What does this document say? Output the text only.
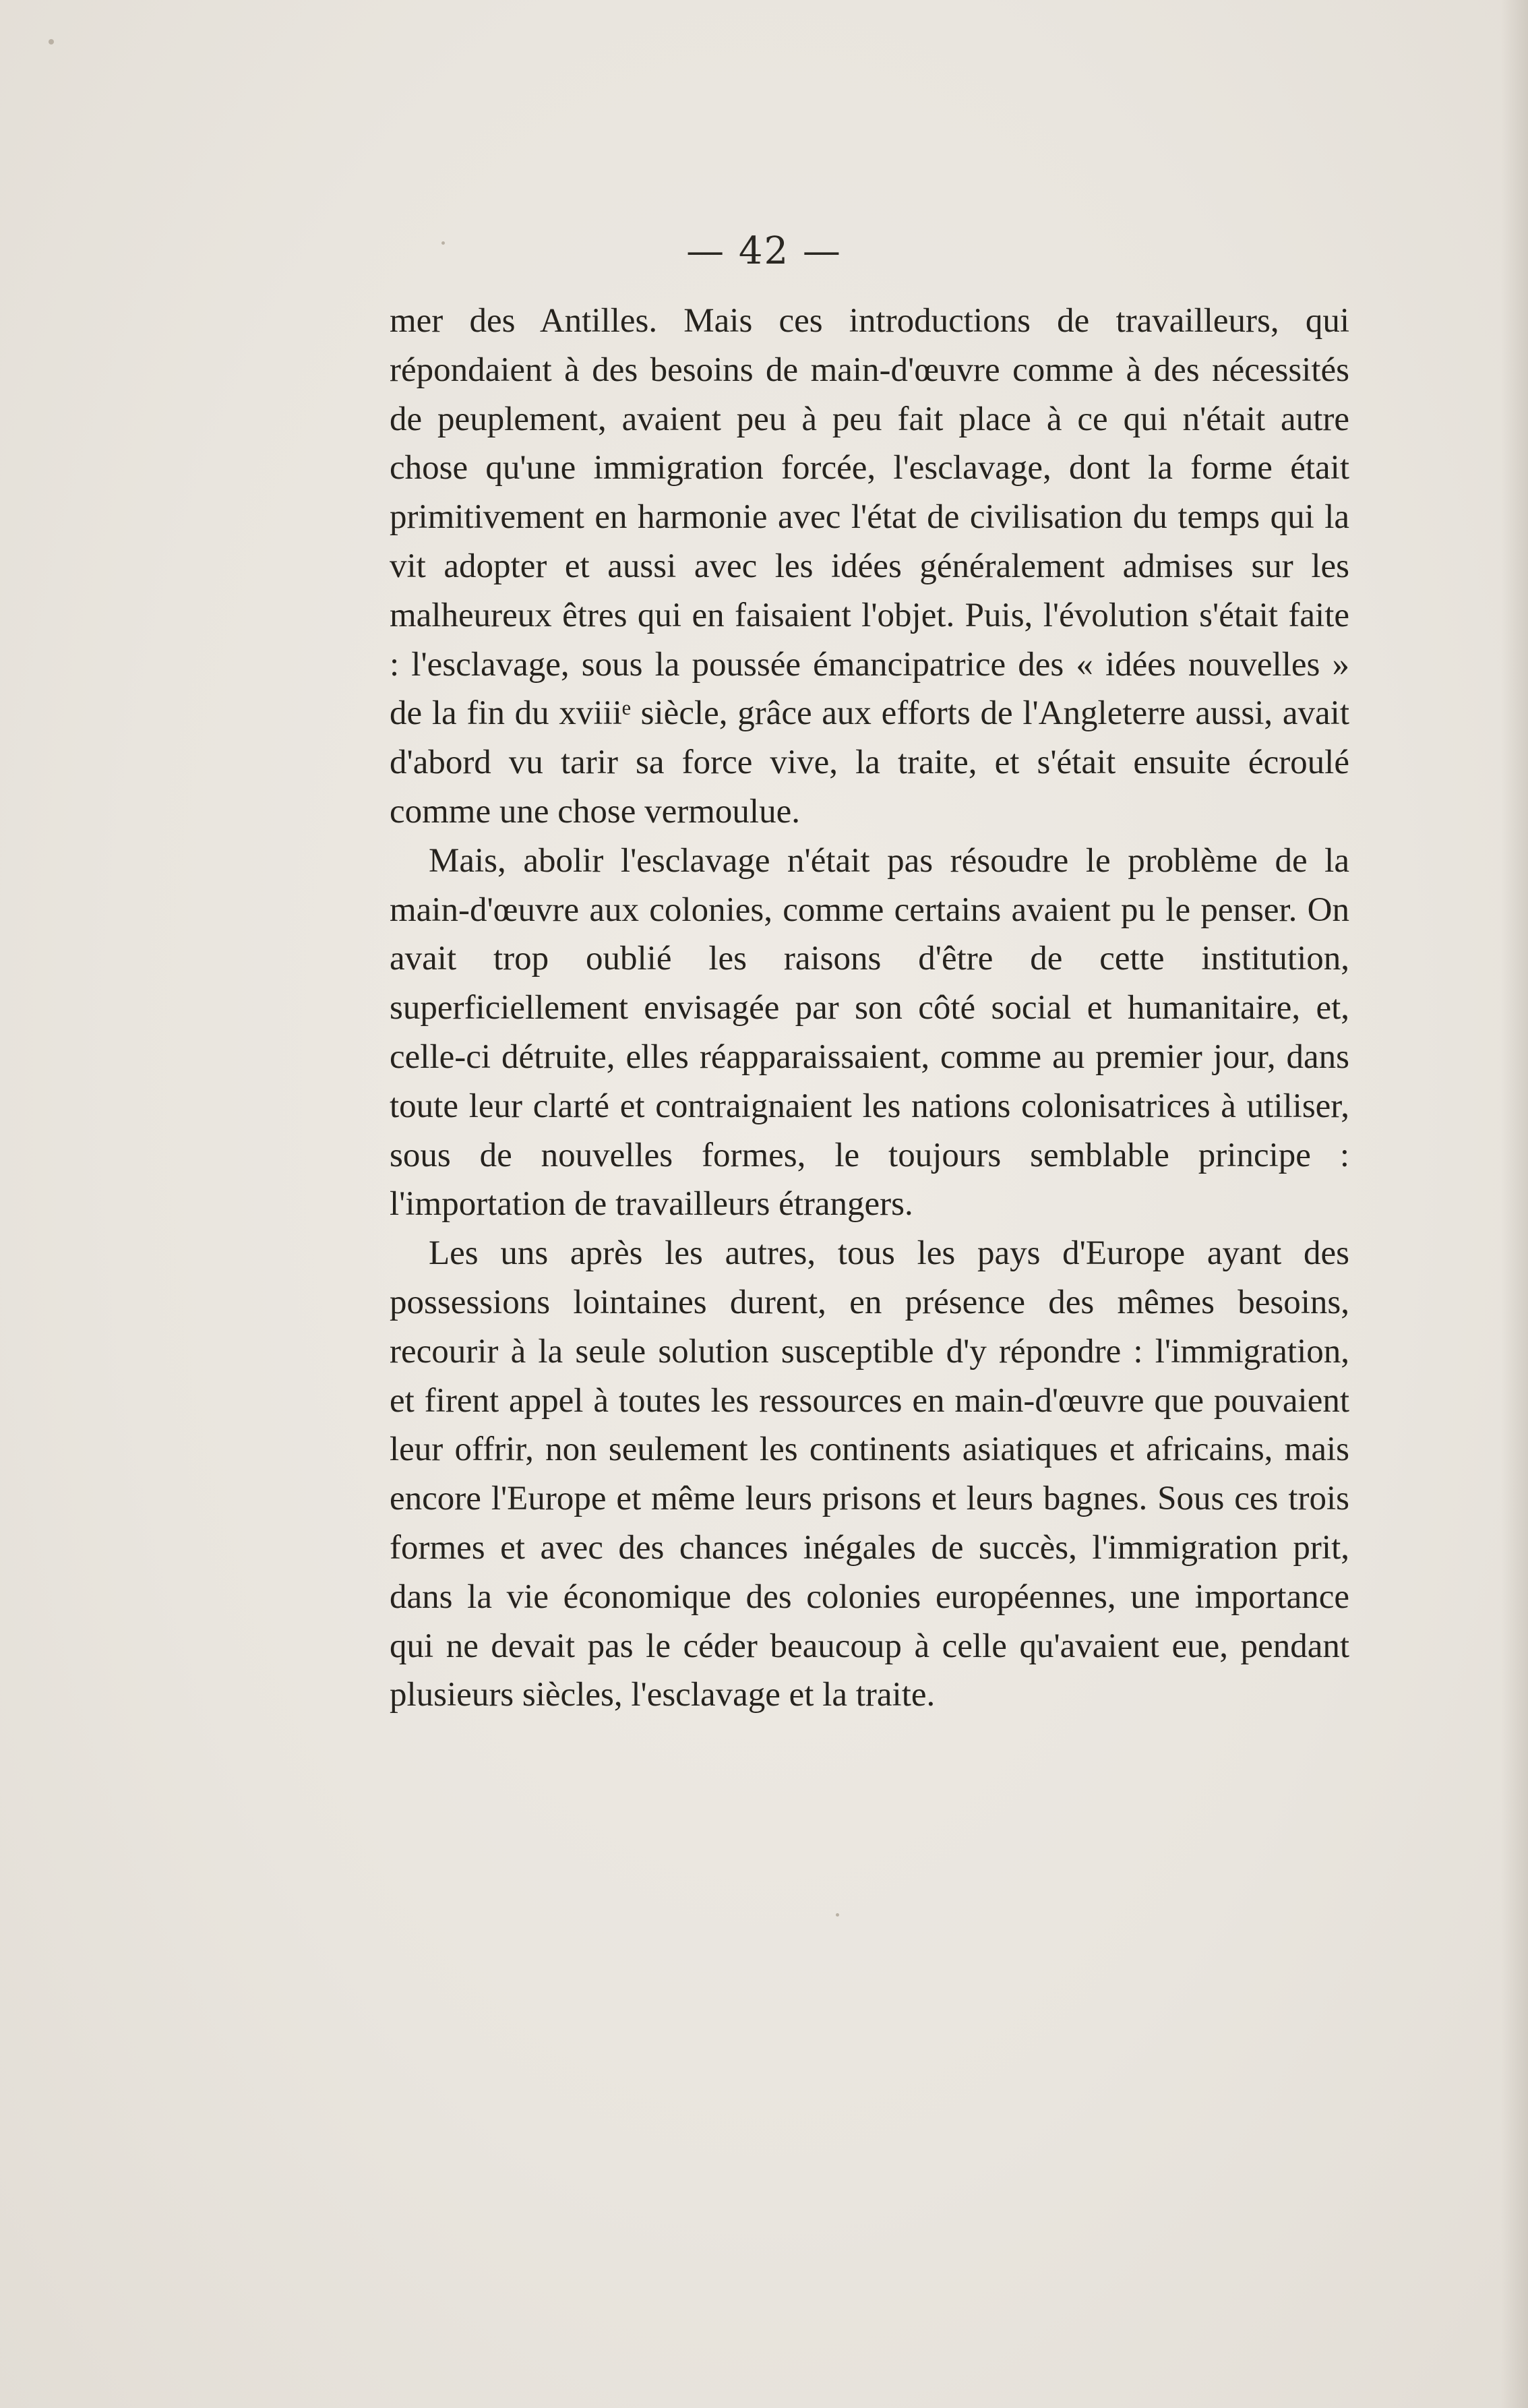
— 42 —

mer des Antilles. Mais ces introductions de travailleurs, qui répondaient à des besoins de main-d'œuvre comme à des nécessités de peuplement, avaient peu à peu fait place à ce qui n'était autre chose qu'une immigration forcée, l'esclavage, dont la forme était primitivement en harmonie avec l'état de civilisation du temps qui la vit adopter et aussi avec les idées généralement admises sur les malheureux êtres qui en faisaient l'objet. Puis, l'évolution s'était faite : l'esclavage, sous la poussée émancipatrice des « idées nouvelles » de la fin du xviiiᵉ siècle, grâce aux efforts de l'Angleterre aussi, avait d'abord vu tarir sa force vive, la traite, et s'était ensuite écroulé comme une chose vermoulue.

Mais, abolir l'esclavage n'était pas résoudre le problème de la main-d'œuvre aux colonies, comme certains avaient pu le penser. On avait trop oublié les raisons d'être de cette institution, superficiellement envisagée par son côté social et humanitaire, et, celle-ci détruite, elles réapparaissaient, comme au premier jour, dans toute leur clarté et contraignaient les nations colonisatrices à utiliser, sous de nouvelles formes, le toujours semblable principe : l'importation de travailleurs étrangers.

Les uns après les autres, tous les pays d'Europe ayant des possessions lointaines durent, en présence des mêmes besoins, recourir à la seule solution susceptible d'y répondre : l'immigration, et firent appel à toutes les ressources en main-d'œuvre que pouvaient leur offrir, non seulement les continents asiatiques et africains, mais encore l'Europe et même leurs prisons et leurs bagnes. Sous ces trois formes et avec des chances inégales de succès, l'immigration prit, dans la vie économique des colonies européennes, une importance qui ne devait pas le céder beaucoup à celle qu'avaient eue, pendant plusieurs siècles, l'esclavage et la traite.
